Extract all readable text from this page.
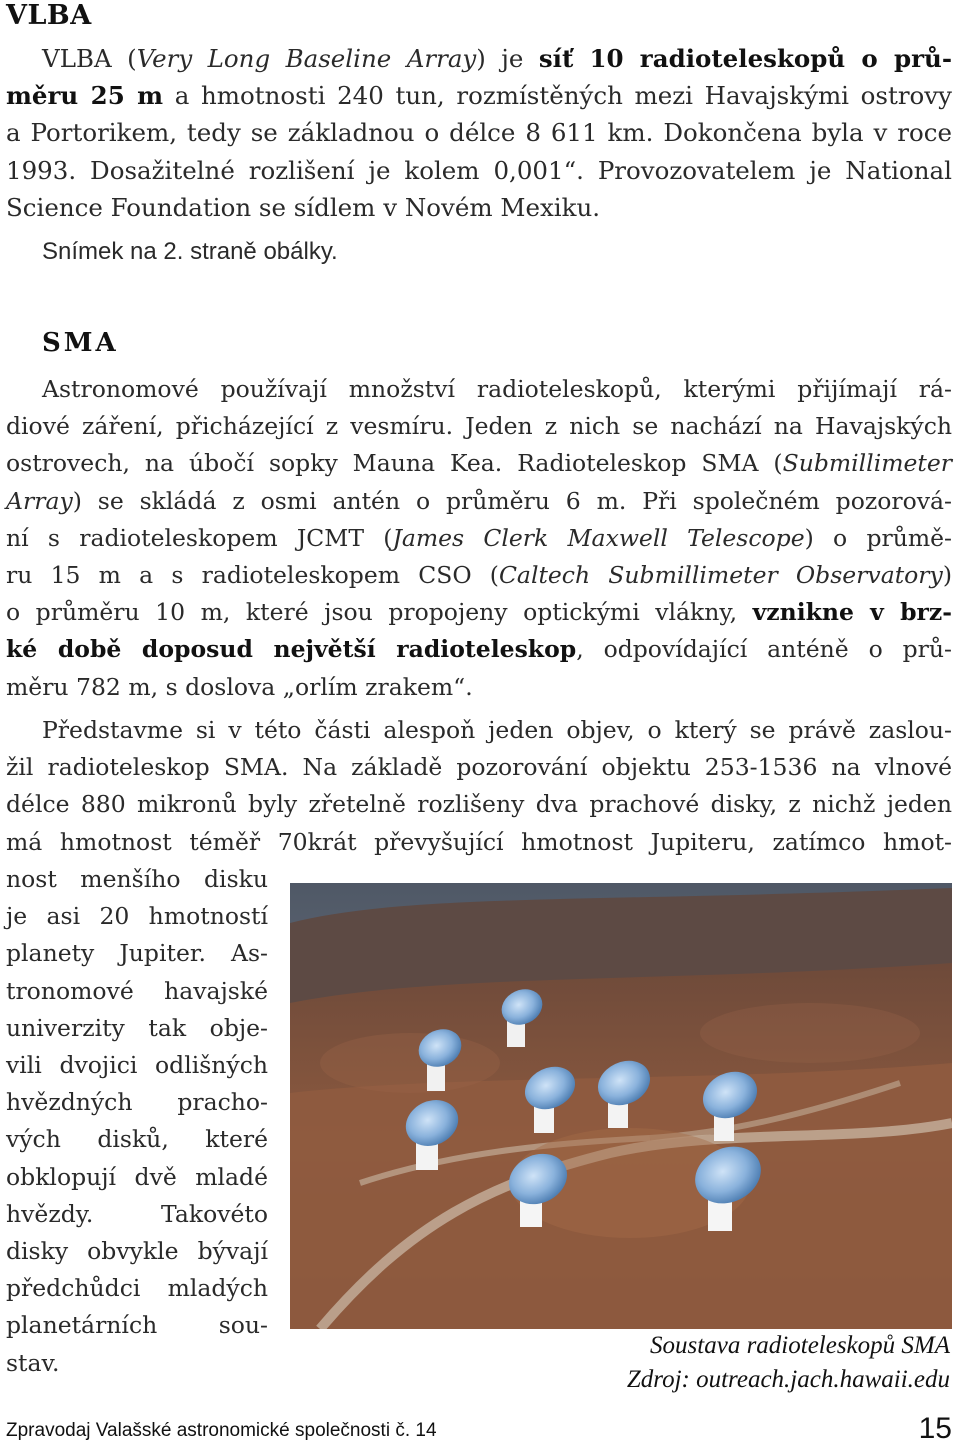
VLBA
VLBA (Very Long Baseline Array) je síť 10 radioteleskopů o prů-
měru 25 m a hmotnosti 240 tun, rozmístěných mezi Havajskými ostrovy
a Portorikem, tedy se základnou o délce 8 611 km. Dokončena byla v roce
1993. Dosažitelné rozlišení je kolem 0,001“. Provozovatelem je National
Science Foundation se sídlem v Novém Mexiku.
Snímek na 2. straně obálky.
SMA
Astronomové používají množství radioteleskopů, kterými přijímají rá-
diové záření, přicházející z vesmíru. Jeden z nich se nachází na Havajských
ostrovech, na úbočí sopky Mauna Kea. Radioteleskop SMA (Submillimeter
Array) se skládá z osmi antén o průměru 6 m. Při společném pozorová-
ní s radioteleskopem JCMT (James Clerk Maxwell Telescope) o průmě-
ru 15 m a s radioteleskopem CSO (Caltech Submillimeter Observatory)
o průměru 10 m, které jsou propojeny optickými vlákny, vznikne v brz-
ké době doposud největší radioteleskop, odpovídající anténě o prů-
měru 782 m, s doslova „orlím zrakem“.
Představme si v této části alespoň jeden objev, o který se právě zaslou-
žil radioteleskop SMA. Na základě pozorování objektu 253-1536 na vlnové
délce 880 mikronů byly zřetelně rozlišeny dva prachové disky, z nichž jeden
má hmotnost téměř 70krát převyšující hmotnost Jupiteru, zatímco hmot-
nost menšího disku
je asi 20 hmotností
planety Jupiter. As-
tronomové havajské
univerzity tak obje-
vili dvojici odlišných
hvězdných pracho-
vých disků, které
obklopují dvě mladé
hvězdy. Takovéto
disky obvykle bývají
předchůdci mladých
planetárních sou-
stav.
Soustava radioteleskopů SMA
Zdroj: outreach.jach.hawaii.edu
Zpravodaj Valašské astronomické společnosti č. 14	15
